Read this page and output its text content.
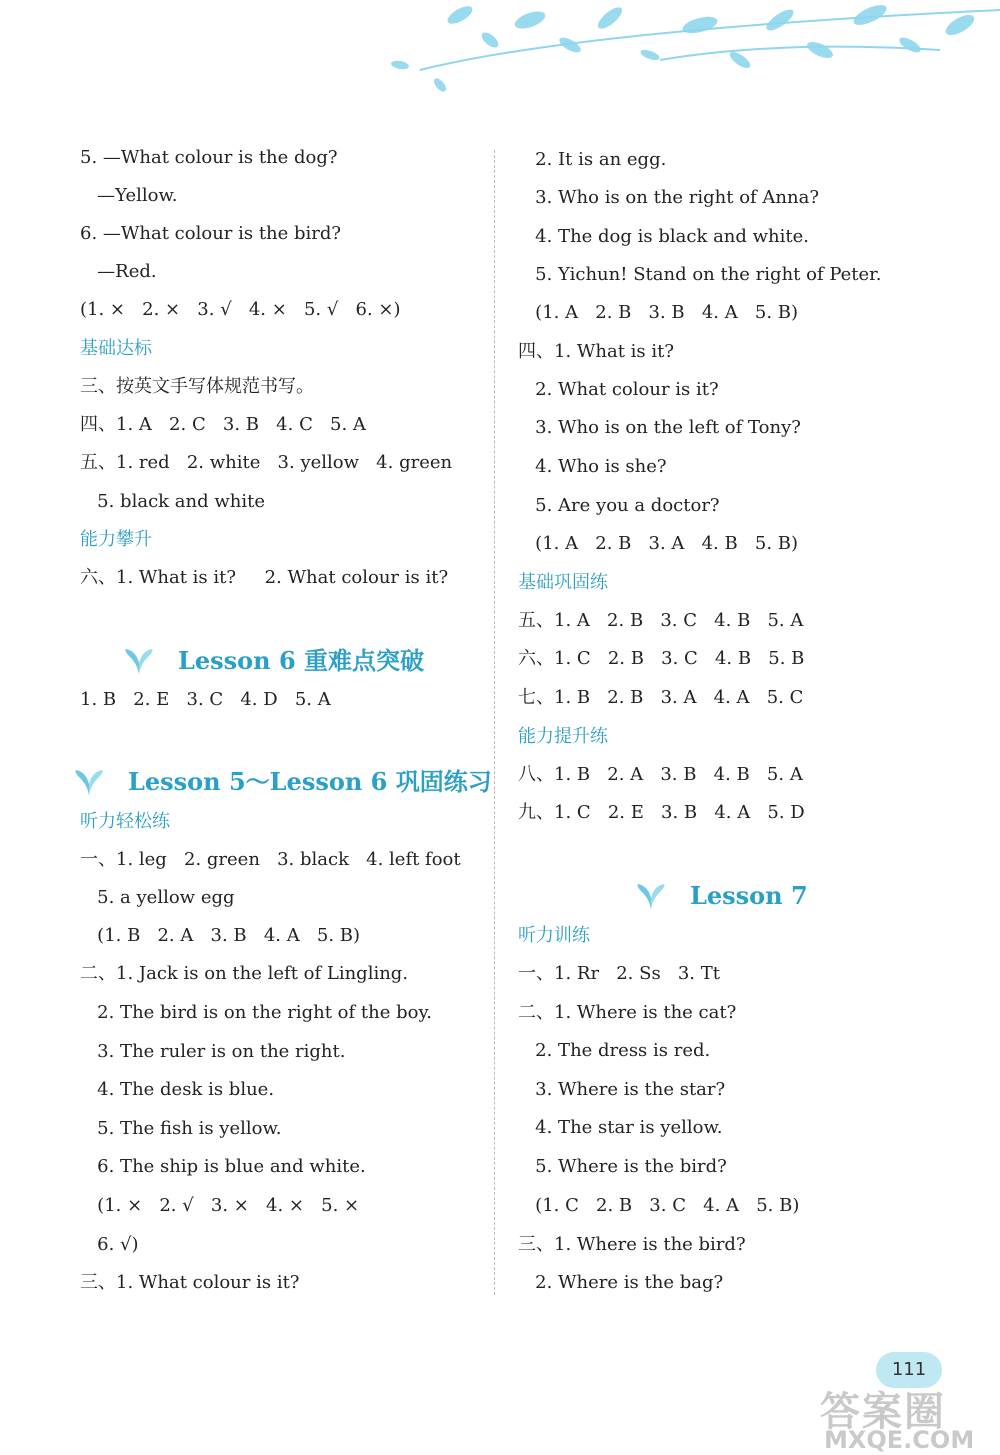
5. —What colour is the dog?
—Yellow.
6. —What colour is the bird?
—Red.
(1. ×   2. ×   3. √   4. ×   5. √   6. ×)
基础达标
三、按英文手写体规范书写。
四、1. A   2. C   3. B   4. C   5. A
五、1. red   2. white   3. yellow   4. green
5. black and white
能力攀升
六、1. What is it?     2. What colour is it?
Lesson 6 重难点突破
1. B   2. E   3. C   4. D   5. A
Lesson 5～Lesson 6 巩固练习
听力轻松练
一、1. leg   2. green   3. black   4. left foot
5. a yellow egg
(1. B   2. A   3. B   4. A   5. B)
二、1. Jack is on the left of Lingling.
2. The bird is on the right of the boy.
3. The ruler is on the right.
4. The desk is blue.
5. The fish is yellow.
6. The ship is blue and white.
(1. ×   2. √   3. ×   4. ×   5. ×
6. √)
三、1. What colour is it?
2. It is an egg.
3. Who is on the right of Anna?
4. The dog is black and white.
5. Yichun! Stand on the right of Peter.
(1. A   2. B   3. B   4. A   5. B)
四、1. What is it?
2. What colour is it?
3. Who is on the left of Tony?
4. Who is she?
5. Are you a doctor?
(1. A   2. B   3. A   4. B   5. B)
基础巩固练
五、1. A   2. B   3. C   4. B   5. A
六、1. C   2. B   3. C   4. B   5. B
七、1. B   2. B   3. A   4. A   5. C
能力提升练
八、1. B   2. A   3. B   4. B   5. A
九、1. C   2. E   3. B   4. A   5. D
Lesson 7
听力训练
一、1. Rr   2. Ss   3. Tt
二、1. Where is the cat?
2. The dress is red.
3. Where is the star?
4. The star is yellow.
5. Where is the bird?
(1. C   2. B   3. C   4. A   5. B)
三、1. Where is the bird?
2. Where is the bag?
111
答案圈
MXQE.COM
